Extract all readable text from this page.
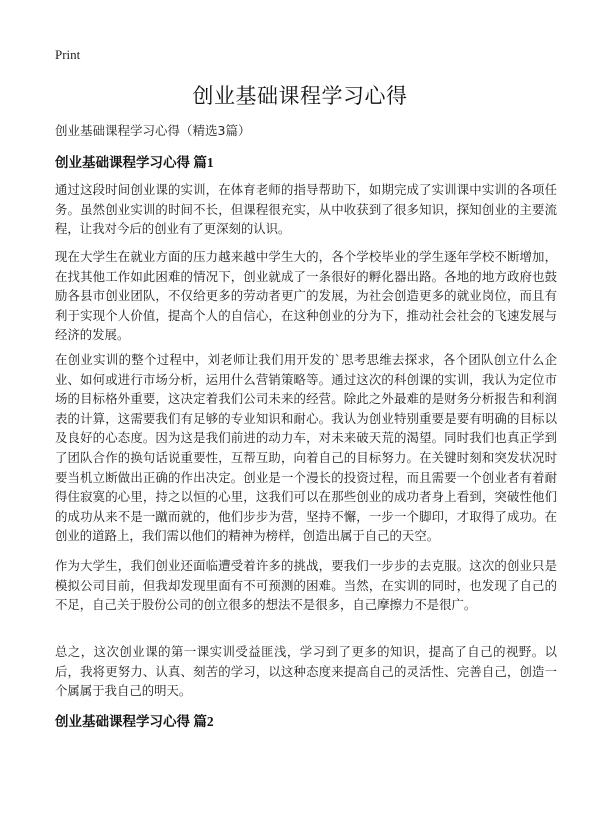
Print
创业基础课程学习心得
创业基础课程学习心得（精选3篇）
创业基础课程学习心得 篇1

通过这段时间创业课的实训，在体育老师的指导帮助下，如期完成了实训课中实训的各项任务。虽然创业实训的时间不长，但课程很充实，从中收获到了很多知识，探知创业的主要流程，让我对今后的创业有了更深刻的认识。

现在大学生在就业方面的压力越来越中学生大的，各个学校毕业的学生逐年学校不断增加，在找其他工作如此困难的情况下，创业就成了一条很好的孵化器出路。各地的地方政府也鼓励各县市创业团队，不仅给更多的劳动者更广的发展，为社会创造更多的就业岗位，而且有利于实现个人价值，提高个人的自信心，在这种创业的分为下，推动社会社会的飞速发展与经济的发展。

在创业实训的整个过程中，刘老师让我们用开发的`思考思维去探求，各个团队创立什么企业、如何或进行市场分析，运用什么营销策略等。通过这次的科创课的实训，我认为定位市场的目标格外重要，这决定着我们公司未来的经营。除此之外最难的是财务分析报告和利润表的计算，这需要我们有足够的专业知识和耐心。我认为创业特别重要是要有明确的目标以及良好的心态度。因为这是我们前进的动力车，对未来破天荒的渴望。同时我们也真正学到了团队合作的换句话说重要性，互帮互助，向着自己的目标努力。在关键时刻和突发状况时要当机立断做出正确的作出决定。创业是一个漫长的投资过程，而且需要一个创业者有着耐得住寂寞的心里，持之以恒的心里，这我们可以在那些创业的成功者身上看到，突破性他们的成功从来不是一蹴而就的，他们步步为营，坚持不懈，一步一个脚印，才取得了成功。在创业的道路上，我们需以他们的精神为榜样，创造出属于自己的天空。

作为大学生，我们创业还面临遭受着许多的挑战，要我们一步步的去克服。这次的创业只是模拟公司目前，但我却发现里面有不可预测的困难。当然，在实训的同时，也发现了自己的不足，自己关于股份公司的创立很多的想法不是很多，自己摩擦力不是很广。

总之，这次创业课的第一课实训受益匪浅，学习到了更多的知识，提高了自己的视野。以后，我将更努力、认真、刻苦的学习，以这种态度来提高自己的灵活性、完善自己，创造一个属属于我自己的明天。

创业基础课程学习心得 篇2
